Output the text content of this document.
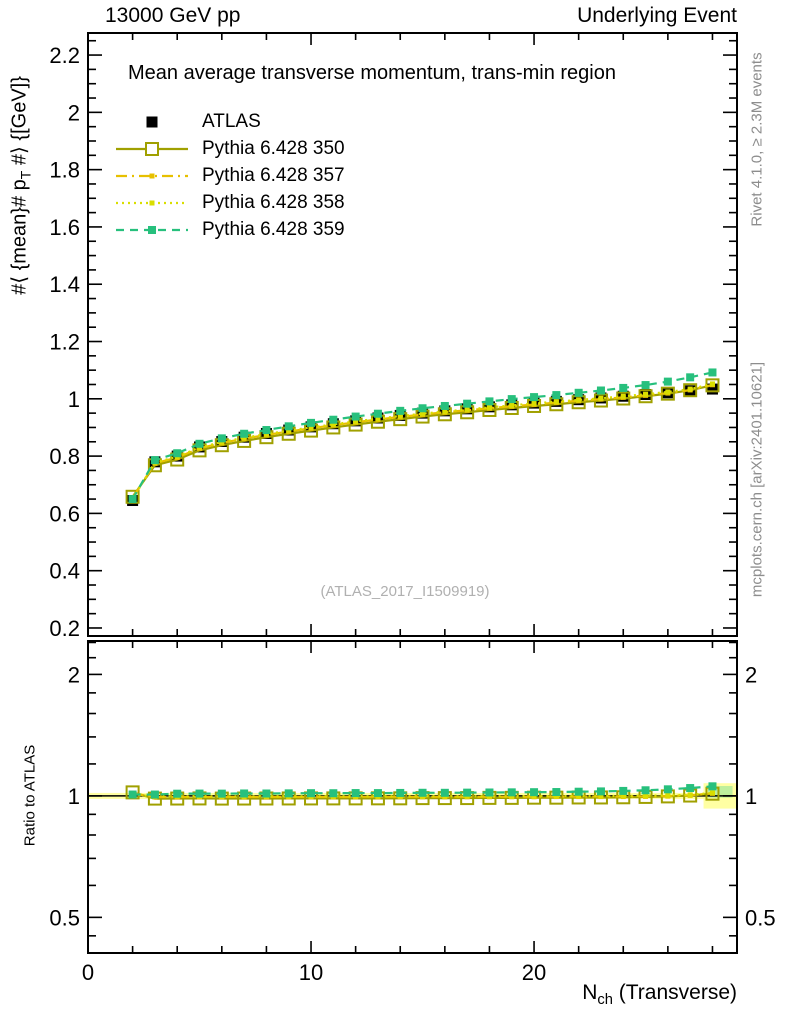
13000 GeV pp	Underlying Event
Mean average transverse momentum, trans-min region
#⟨ {mean}# $p_T$ #⟩ {[GeV]}	Rivet 4.1.0, ≥ 2.3M events
mcplots.cern.ch [arXiv:2401.10621]
(ATLAS_2017_I1509919)
Ratio to ATLAS
$N_{ch}$ (Transverse)
ATLAS
Pythia 6.428 350
Pythia 6.428 357
Pythia 6.428 358
Pythia 6.428 359
0.2
0.4
0.6
0.8
1
1.2
1.4
1.6
1.8
2
2.2
0	10	20
0.5	0.5
1	1
2	2
